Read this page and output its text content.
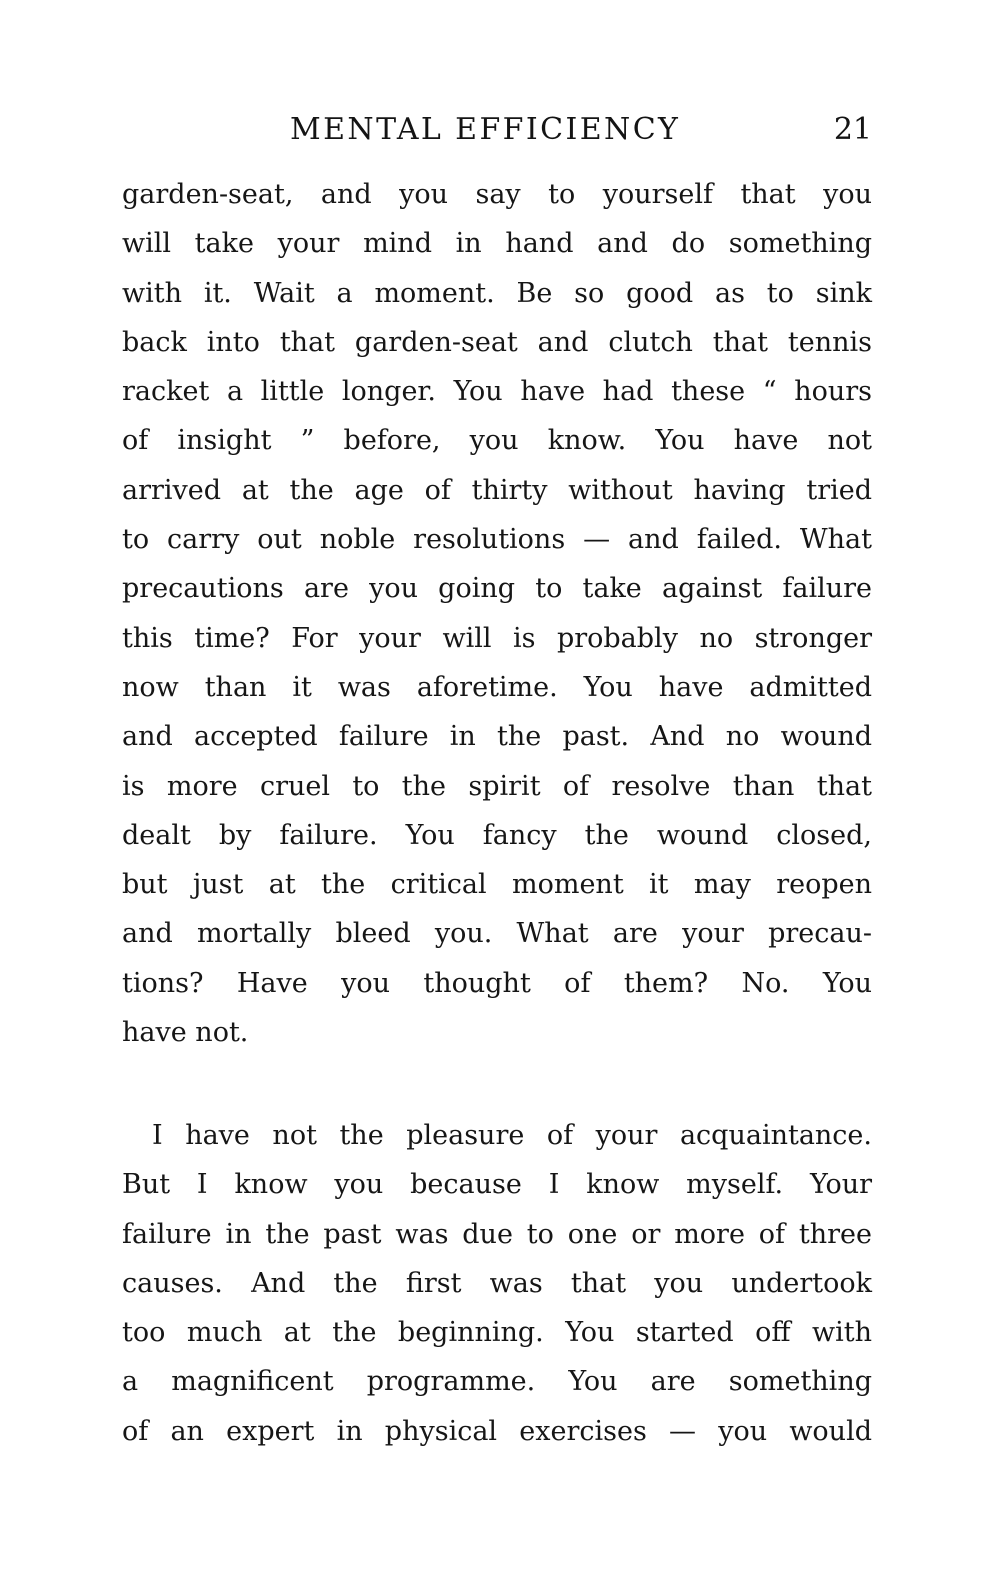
MENTAL EFFICIENCY	21
garden-seat, and you say to yourself that you
will take your mind in hand and do something
with it. Wait a moment. Be so good as to sink
back into that garden-seat and clutch that tennis
racket a little longer. You have had these “ hours
of insight ” before, you know. You have not
arrived at the age of thirty without having tried
to carry out noble resolutions — and failed. What
precautions are you going to take against failure
this time? For your will is probably no stronger
now than it was aforetime. You have admitted
and accepted failure in the past. And no wound
is more cruel to the spirit of resolve than that
dealt by failure. You fancy the wound closed,
but just at the critical moment it may reopen
and mortally bleed you. What are your precau-
tions? Have you thought of them? No. You
have not.
I have not the pleasure of your acquaintance.
But I know you because I know myself. Your
failure in the past was due to one or more of three
causes. And the first was that you undertook
too much at the beginning. You started off with
a magnificent programme. You are something
of an expert in physical exercises — you would
